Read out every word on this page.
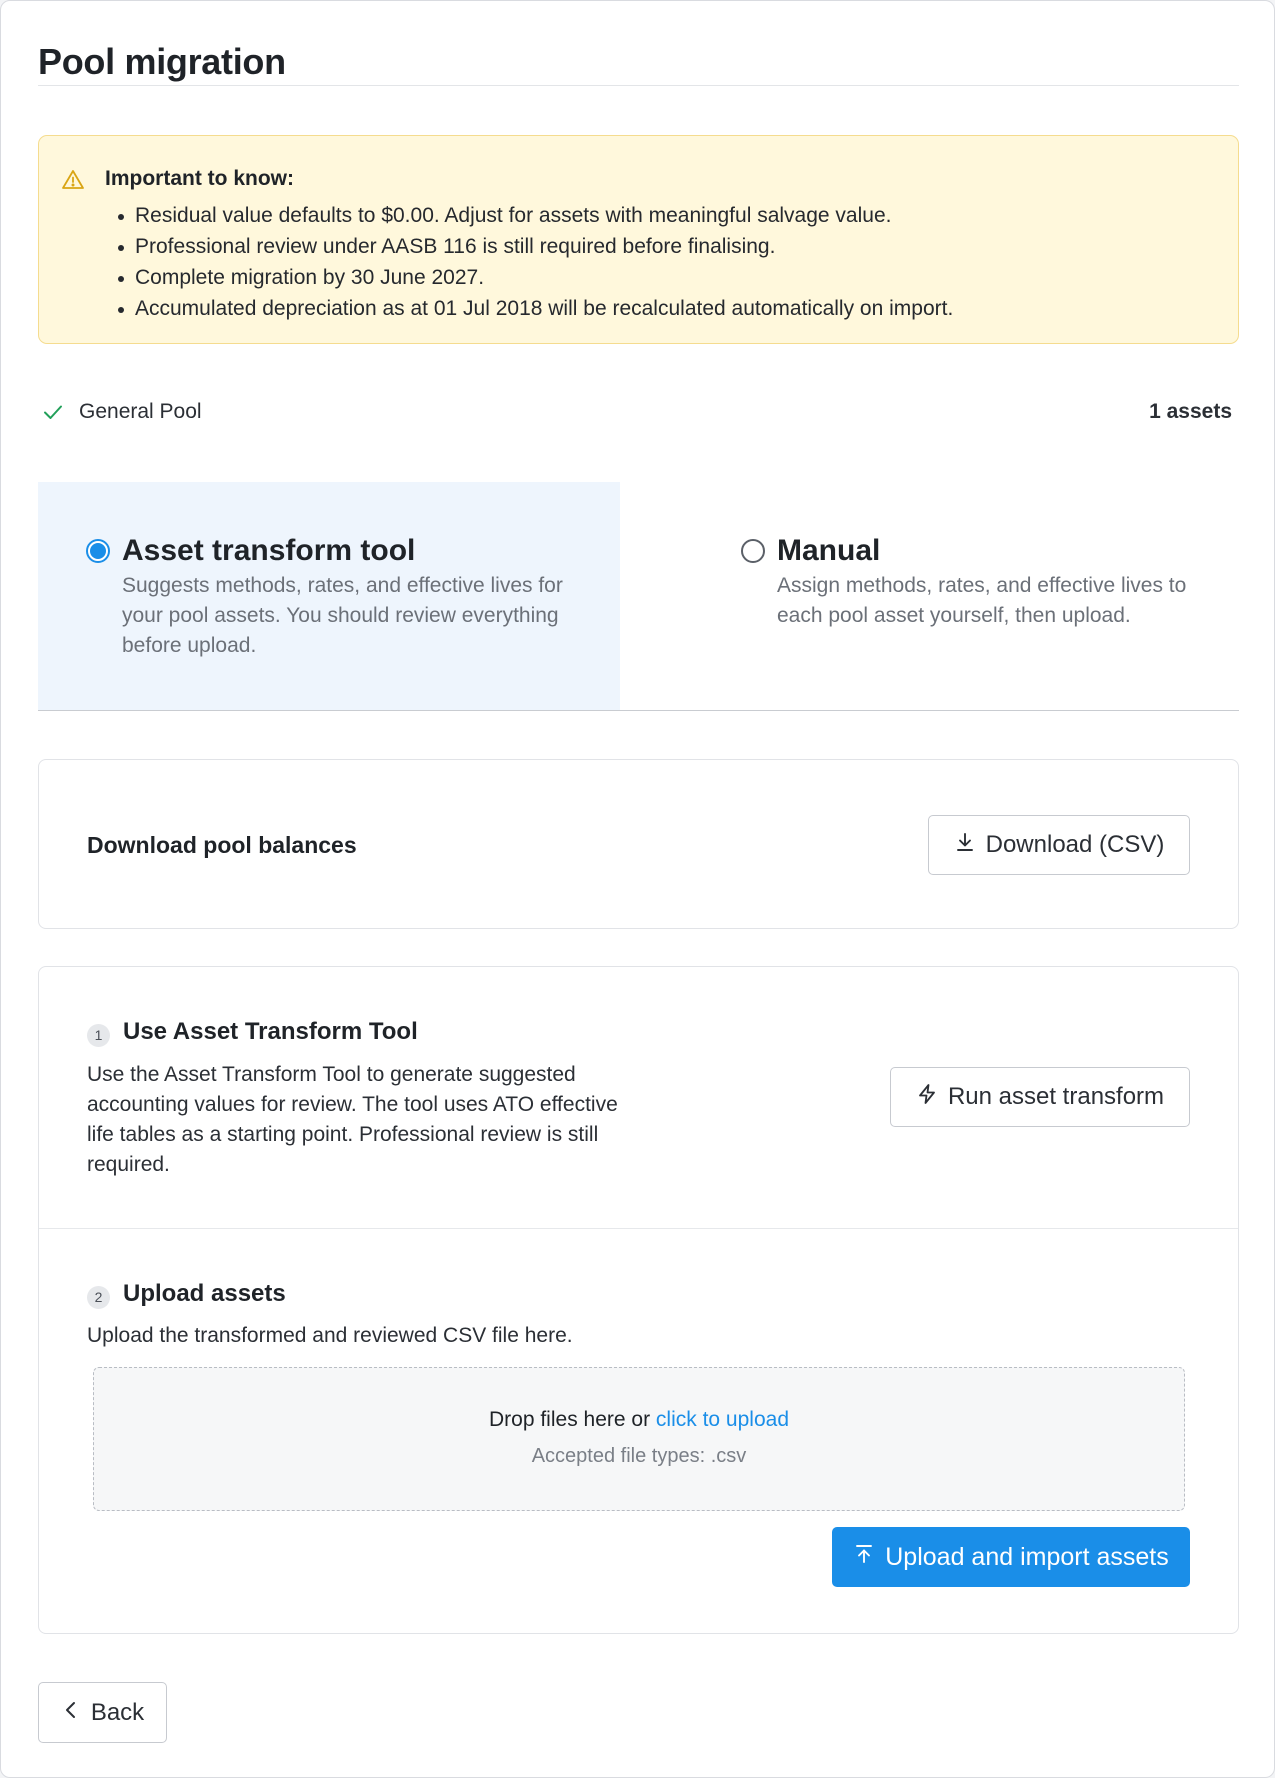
Pool migration
Important to know:
Residual value defaults to $0.00. Adjust for assets with meaningful salvage value.
Professional review under AASB 116 is still required before finalising.
Complete migration by 30 June 2027.
Accumulated depreciation as at 01 Jul 2018 will be recalculated automatically on import.
General Pool	1 assets
Asset transform tool
Suggests methods, rates, and effective lives for your pool assets. You should review everything before upload.
Manual
Assign methods, rates, and effective lives to each pool asset yourself, then upload.
Download pool balances	Download (CSV)
1 Use Asset Transform Tool
Use the Asset Transform Tool to generate suggested accounting values for review. The tool uses ATO effective life tables as a starting point. Professional review is still required.
Run asset transform
2 Upload assets
Upload the transformed and reviewed CSV file here.
Drop files here or click to upload
Accepted file types: .csv
Upload and import assets
Back
